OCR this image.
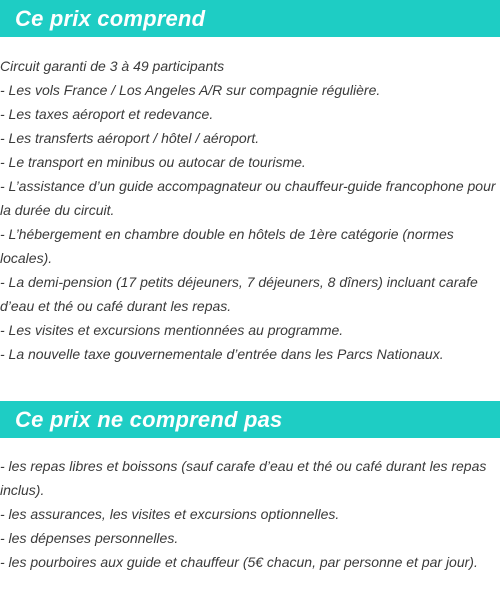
Ce prix comprend
Circuit garanti de 3 à 49 participants
- Les vols France / Los Angeles A/R sur compagnie régulière.
- Les taxes aéroport et redevance.
- Les transferts aéroport / hôtel / aéroport.
- Le transport en minibus ou autocar de tourisme.
- L’assistance d’un guide accompagnateur ou chauffeur-guide francophone pour la durée du circuit.
- L’hébergement en chambre double en hôtels de 1ère catégorie (normes locales).
- La demi-pension (17 petits déjeuners, 7 déjeuners, 8 dîners) incluant carafe d’eau et thé ou café durant les repas.
- Les visites et excursions mentionnées au programme.
- La nouvelle taxe gouvernementale d’entrée dans les Parcs Nationaux.
Ce prix ne comprend pas
- les repas libres et boissons (sauf carafe d’eau et thé ou café durant les repas inclus).
- les assurances, les visites et excursions optionnelles.
- les dépenses personnelles.
- les pourboires aux guide et chauffeur (5€ chacun, par personne et par jour).
